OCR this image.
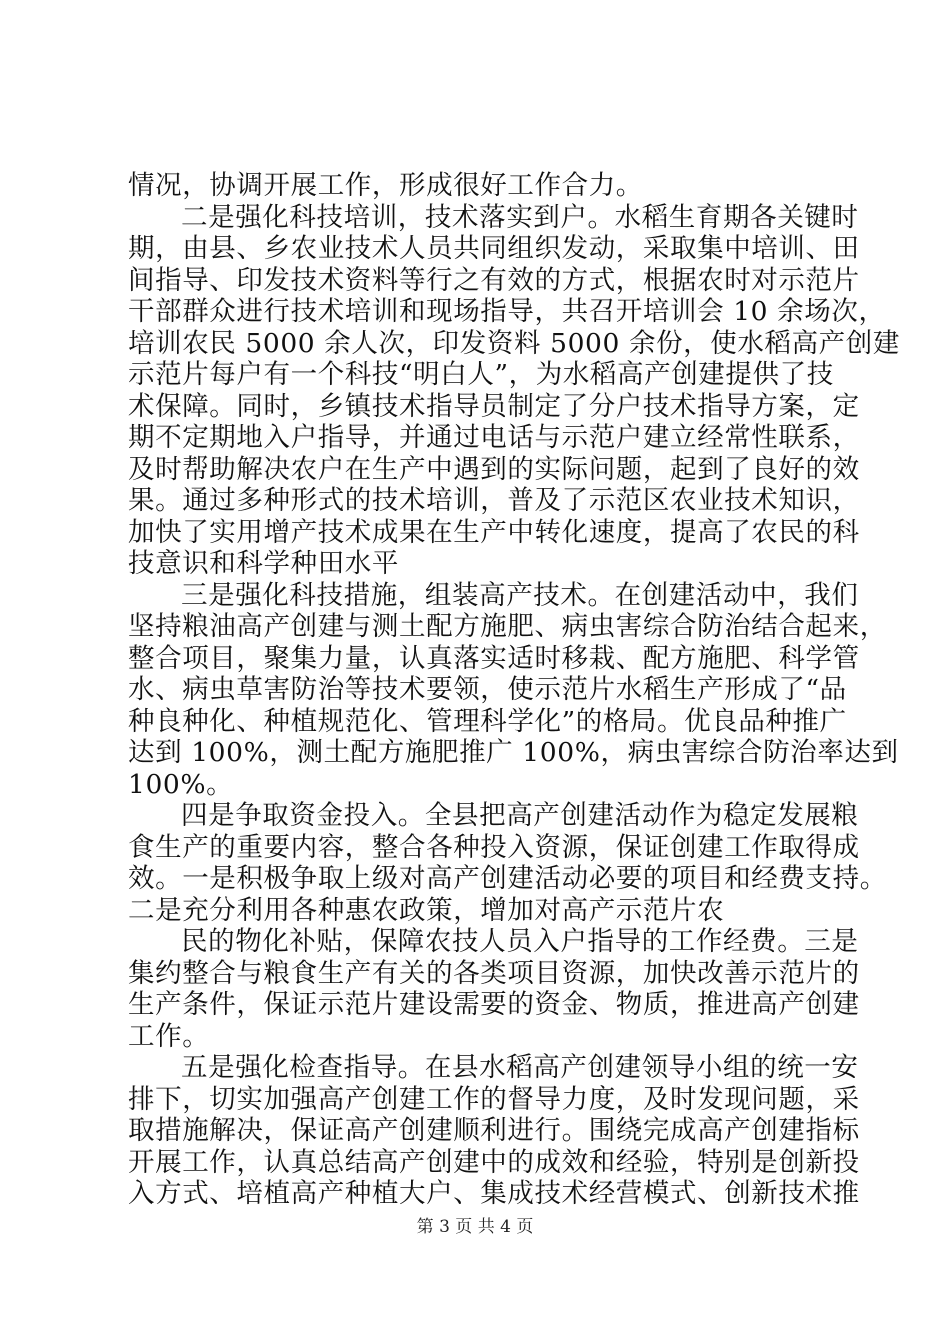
情况，协调开展工作，形成很好工作合力。
二是强化科技培训，技术落实到户。水稻生育期各关键时
期，由县、乡农业技术人员共同组织发动，采取集中培训、田
间指导、印发技术资料等行之有效的方式，根据农时对示范片
干部群众进行技术培训和现场指导，共召开培训会 10 余场次，
培训农民 5000 余人次，印发资料 5000 余份，使水稻高产创建
示范片每户有一个科技“明白人”，为水稻高产创建提供了技
术保障。同时，乡镇技术指导员制定了分户技术指导方案，定
期不定期地入户指导，并通过电话与示范户建立经常性联系，
及时帮助解决农户在生产中遇到的实际问题，起到了良好的效
果。通过多种形式的技术培训，普及了示范区农业技术知识，
加快了实用增产技术成果在生产中转化速度，提高了农民的科
技意识和科学种田水平
三是强化科技措施，组装高产技术。在创建活动中，我们
坚持粮油高产创建与测土配方施肥、病虫害综合防治结合起来，
整合项目，聚集力量，认真落实适时移栽、配方施肥、科学管
水、病虫草害防治等技术要领，使示范片水稻生产形成了“品
种良种化、种植规范化、管理科学化”的格局。优良品种推广
达到 100%，测土配方施肥推广 100%，病虫害综合防治率达到
100%。
四是争取资金投入。全县把高产创建活动作为稳定发展粮
食生产的重要内容，整合各种投入资源，保证创建工作取得成
效。一是积极争取上级对高产创建活动必要的项目和经费支持。
二是充分利用各种惠农政策，增加对高产示范片农
民的物化补贴，保障农技人员入户指导的工作经费。三是
集约整合与粮食生产有关的各类项目资源，加快改善示范片的
生产条件，保证示范片建设需要的资金、物质，推进高产创建
工作。
五是强化检查指导。在县水稻高产创建领导小组的统一安
排下，切实加强高产创建工作的督导力度，及时发现问题，采
取措施解决，保证高产创建顺利进行。围绕完成高产创建指标
开展工作，认真总结高产创建中的成效和经验，特别是创新投
入方式、培植高产种植大户、集成技术经营模式、创新技术推
第 3 页 共 4 页
